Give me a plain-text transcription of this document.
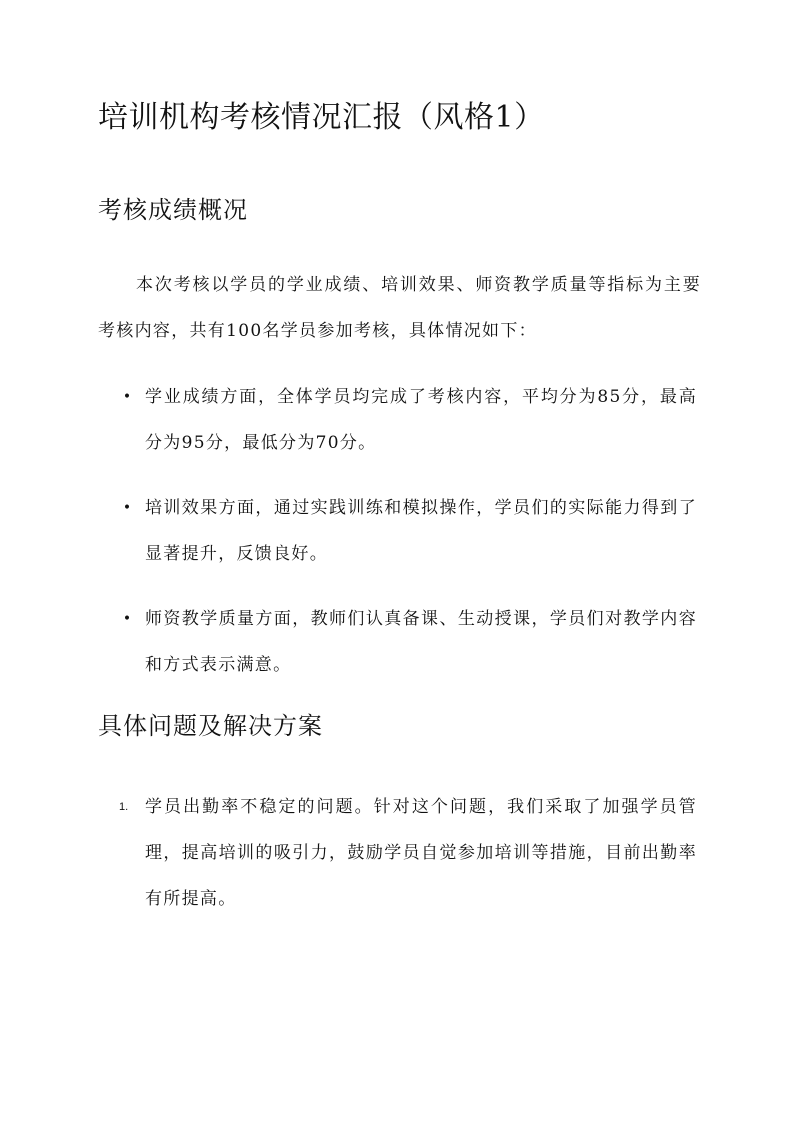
培训机构考核情况汇报（风格1）
考核成绩概况

本次考核以学员的学业成绩、培训效果、师资教学质量等指标为主要考核内容，共有100名学员参加考核，具体情况如下：

• 学业成绩方面，全体学员均完成了考核内容，平均分为85分，最高分为95分，最低分为70分。
• 培训效果方面，通过实践训练和模拟操作，学员们的实际能力得到了显著提升，反馈良好。
• 师资教学质量方面，教师们认真备课、生动授课，学员们对教学内容和方式表示满意。
具体问题及解决方案
1. 学员出勤率不稳定的问题。针对这个问题，我们采取了加强学员管理，提高培训的吸引力，鼓励学员自觉参加培训等措施，目前出勤率有所提高。
